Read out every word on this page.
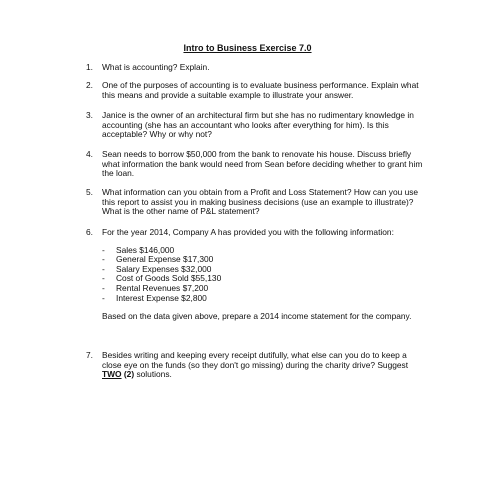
Intro to Business Exercise 7.0
1. What is accounting? Explain.
2. One of the purposes of accounting is to evaluate business performance. Explain what this means and provide a suitable example to illustrate your answer.
3. Janice is the owner of an architectural firm but she has no rudimentary knowledge in accounting (she has an accountant who looks after everything for him). Is this acceptable? Why or why not?
4. Sean needs to borrow $50,000 from the bank to renovate his house. Discuss briefly what information the bank would need from Sean before deciding whether to grant him the loan.
5. What information can you obtain from a Profit and Loss Statement? How can you use this report to assist you in making business decisions (use an example to illustrate)? What is the other name of P&L statement?
6. For the year 2014, Company A has provided you with the following information:
- Sales $146,000
- General Expense $17,300
- Salary Expenses $32,000
- Cost of Goods Sold $55,130
- Rental Revenues $7,200
- Interest Expense $2,800
Based on the data given above, prepare a 2014 income statement for the company.
7. Besides writing and keeping every receipt dutifully, what else can you do to keep a close eye on the funds (so they don't go missing) during the charity drive? Suggest TWO (2) solutions.
